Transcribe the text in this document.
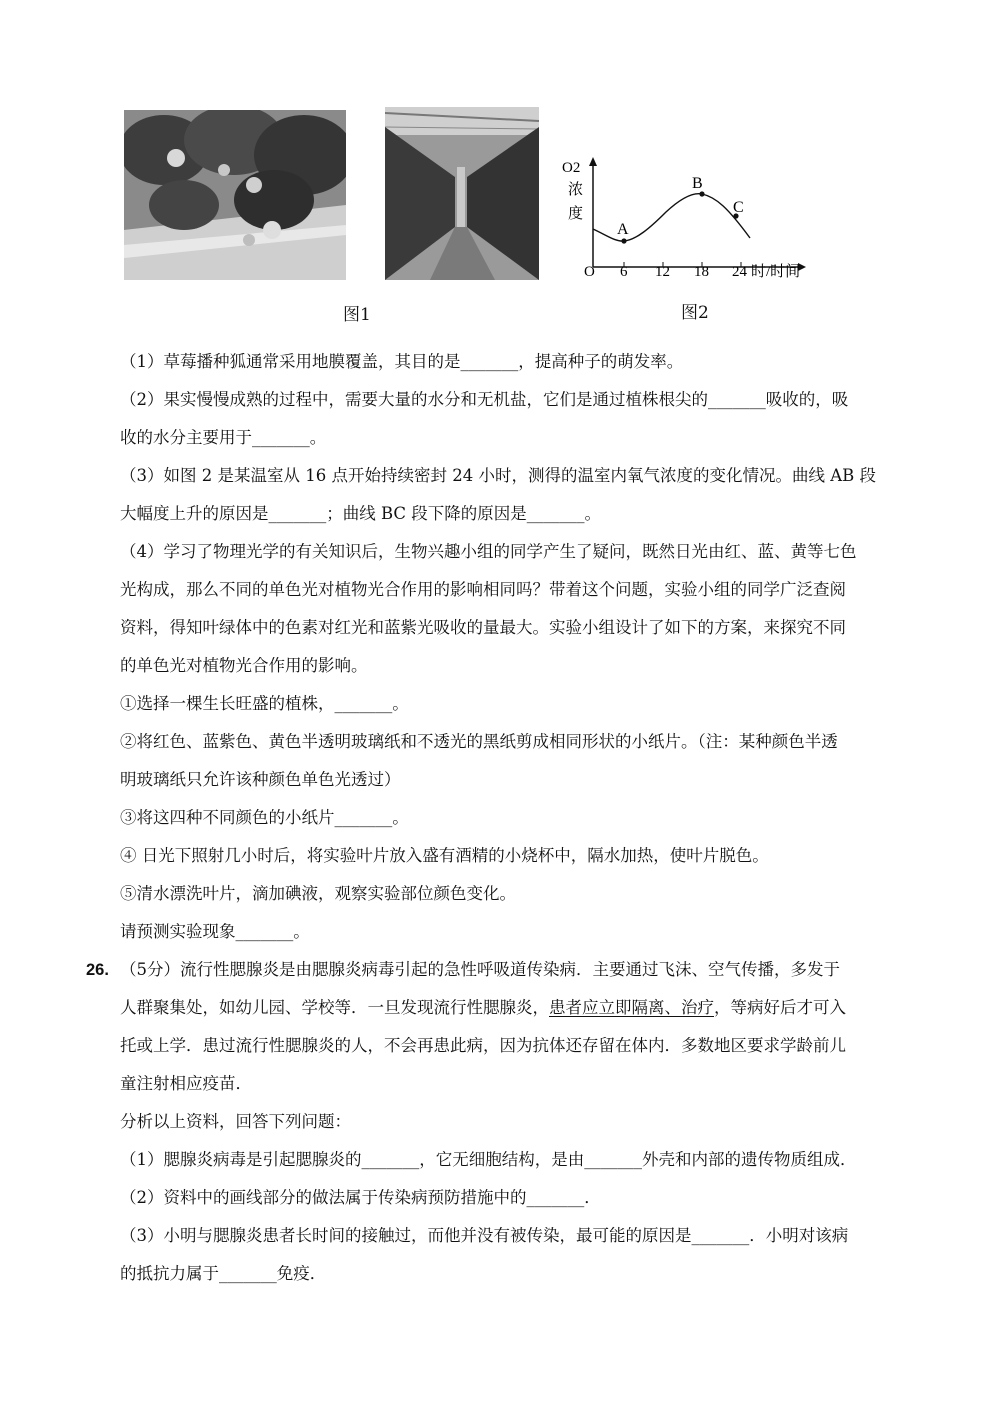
图1
O2
浓
度
O 6 12 18 24 时/时间
A
B
C
图2
（1）草莓播种狐通常采用地膜覆盖，其目的是_______，提高种子的萌发率。
（2）果实慢慢成熟的过程中，需要大量的水分和无机盐，它们是通过植株根尖的_______吸收的，吸
收的水分主要用于_______。
（3）如图 2 是某温室从 16 点开始持续密封 24 小时，测得的温室内氧气浓度的变化情况。曲线 AB 段
大幅度上升的原因是_______；曲线 BC 段下降的原因是_______。
（4）学习了物理光学的有关知识后，生物兴趣小组的同学产生了疑问，既然日光由红、蓝、黄等七色
光构成，那么不同的单色光对植物光合作用的影响相同吗？带着这个问题，实验小组的同学广泛查阅
资料，得知叶绿体中的色素对红光和蓝紫光吸收的量最大。实验小组设计了如下的方案，来探究不同
的单色光对植物光合作用的影响。
①选择一棵生长旺盛的植株，_______。
②将红色、蓝紫色、黄色半透明玻璃纸和不透光的黑纸剪成相同形状的小纸片。（注：某种颜色半透
明玻璃纸只允许该种颜色单色光透过）
③将这四种不同颜色的小纸片_______。
④ 日光下照射几小时后，将实验叶片放入盛有酒精的小烧杯中，隔水加热，使叶片脱色。
⑤清水漂洗叶片，滴加碘液，观察实验部位颜色变化。
请预测实验现象_______。
26. （5分）流行性腮腺炎是由腮腺炎病毒引起的急性呼吸道传染病．主要通过飞沫、空气传播，多发于
人群聚集处，如幼儿园、学校等．一旦发现流行性腮腺炎，患者应立即隔离、治疗，等病好后才可入
托或上学．患过流行性腮腺炎的人，不会再患此病，因为抗体还存留在体内．多数地区要求学龄前儿
童注射相应疫苗．
分析以上资料，回答下列问题：
（1）腮腺炎病毒是引起腮腺炎的_______，它无细胞结构，是由_______外壳和内部的遗传物质组成．
（2）资料中的画线部分的做法属于传染病预防措施中的_______．
（3）小明与腮腺炎患者长时间的接触过，而他并没有被传染，最可能的原因是_______．小明对该病
的抵抗力属于_______免疫．
